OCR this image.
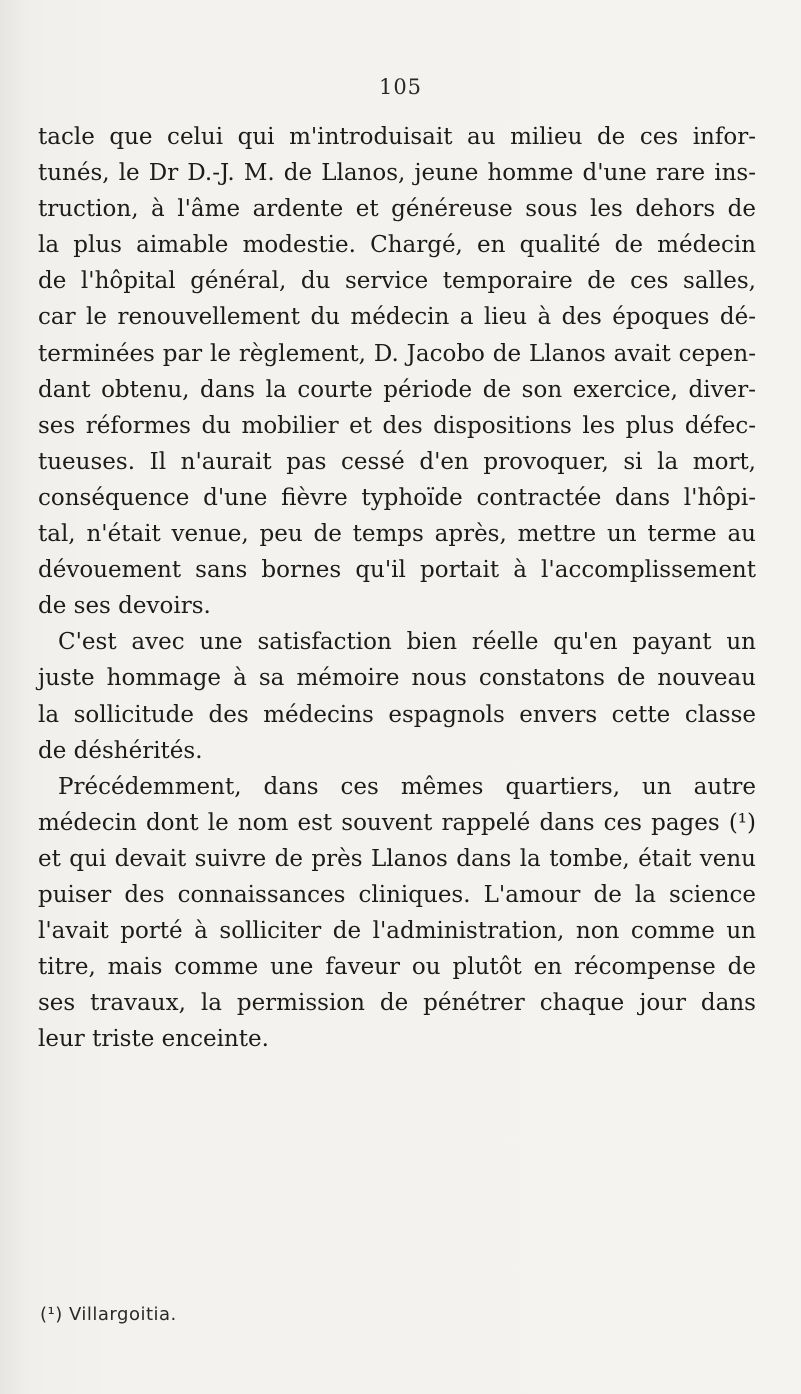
105
tacle que celui qui m'introduisait au milieu de ces infor-
tunés, le Dr D.-J. M. de Llanos, jeune homme d'une rare ins-
truction, à l'âme ardente et généreuse sous les dehors de
la plus aimable modestie. Chargé, en qualité de médecin
de l'hôpital général, du service temporaire de ces salles,
car le renouvellement du médecin a lieu à des époques dé-
terminées par le règlement, D. Jacobo de Llanos avait cepen-
dant obtenu, dans la courte période de son exercice, diver-
ses réformes du mobilier et des dispositions les plus défec-
tueuses. Il n'aurait pas cessé d'en provoquer, si la mort,
conséquence d'une fièvre typhoïde contractée dans l'hôpi-
tal, n'était venue, peu de temps après, mettre un terme au
dévouement sans bornes qu'il portait à l'accomplissement
de ses devoirs.
C'est avec une satisfaction bien réelle qu'en payant un
juste hommage à sa mémoire nous constatons de nouveau
la sollicitude des médecins espagnols envers cette classe
de déshérités.
Précédemment, dans ces mêmes quartiers, un autre
médecin dont le nom est souvent rappelé dans ces pages (¹)
et qui devait suivre de près Llanos dans la tombe, était venu
puiser des connaissances cliniques. L'amour de la science
l'avait porté à solliciter de l'administration, non comme un
titre, mais comme une faveur ou plutôt en récompense de
ses travaux, la permission de pénétrer chaque jour dans
leur triste enceinte.
(¹) Villargoitia.
